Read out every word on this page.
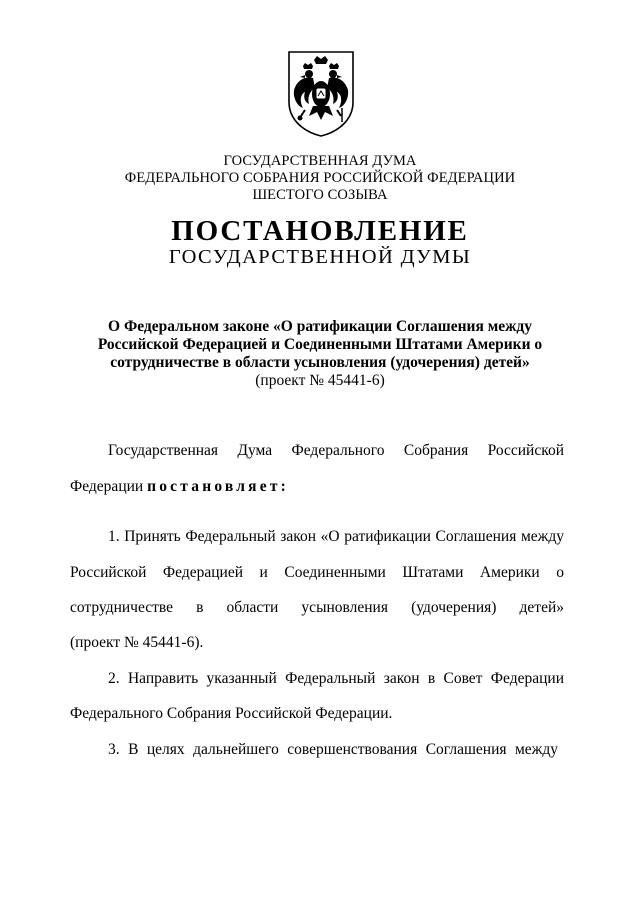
ГОСУДАРСТВЕННАЯ ДУМА
ФЕДЕРАЛЬНОГО СОБРАНИЯ РОССИЙСКОЙ ФЕДЕРАЦИИ
ШЕСТОГО СОЗЫВА
ПОСТАНОВЛЕНИЕ
ГОСУДАРСТВЕННОЙ ДУМЫ
О Федеральном законе «О ратификации Соглашения между
Российской Федерацией и Соединенными Штатами Америки о
сотрудничестве в области усыновления (удочерения) детей»
(проект № 45441-6)
Государственная Дума Федерального Собрания Российской
Федерации постановляет:
1. Принять Федеральный закон «О ратификации Соглашения между
Российской Федерацией и Соединенными Штатами Америки о
сотрудничестве в области усыновления (удочерения) детей»
(проект № 45441-6).
2. Направить указанный Федеральный закон в Совет Федерации
Федерального Собрания Российской Федерации.
3. В целях дальнейшего совершенствования Соглашения между
